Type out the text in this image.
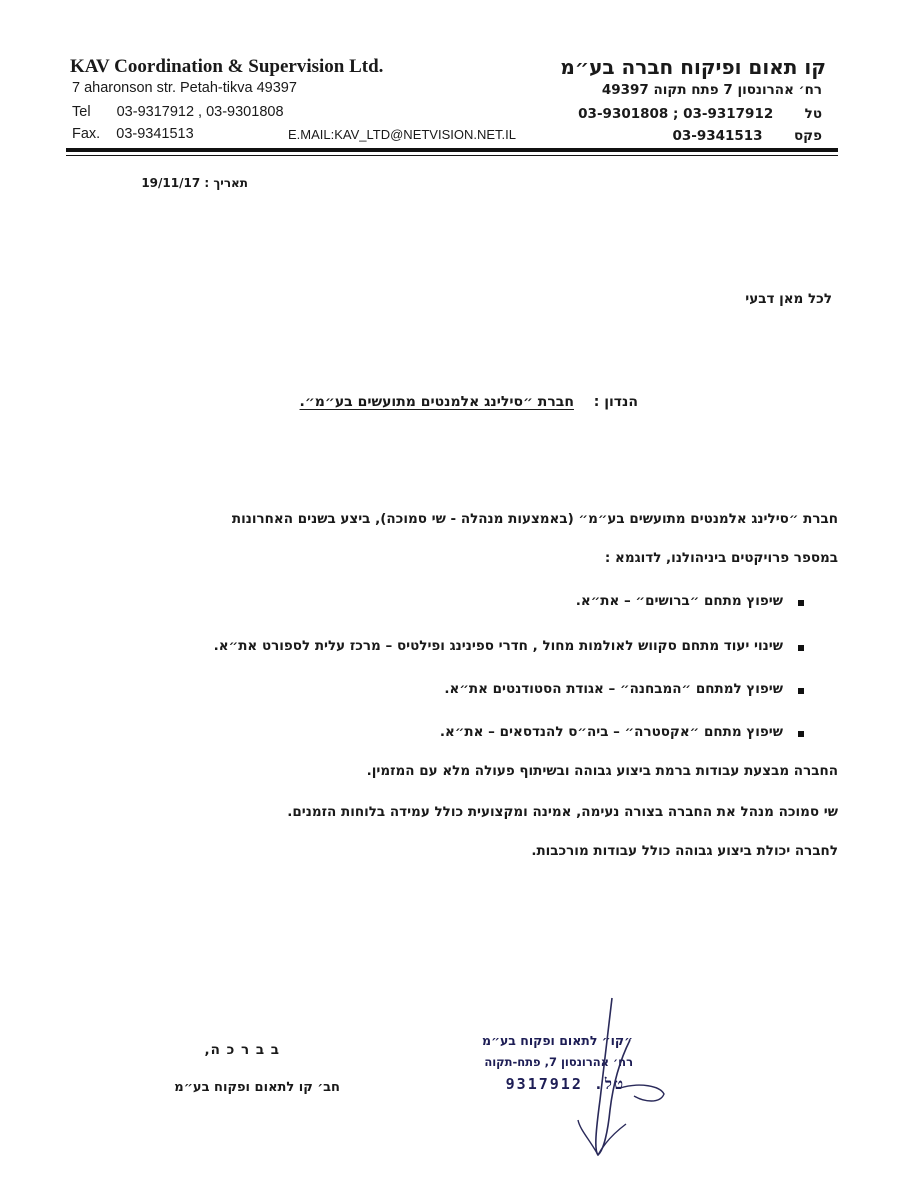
KAV Coordination & Supervision Ltd.
7 aharonson str. Petah-tikva 49397
Tel 03-9317912 , 03-9301808
Fax. 03-9341513	E.MAIL:KAV_LTD@NETVISION.NET.IL
קו תאום ופיקוח חברה בע״מ
רח׳ אהרונסון 7 פתח תקוה 49397
טל  03-9301808 ; 03-9317912
פקס  03-9341513
תאריך : 19/11/17
לכל מאן דבעי
הנדון :  חברת ״סילינג אלמנטים מתועשים בע״מ״.
חברת ״סילינג אלמנטים מתועשים בע״מ״ (באמצעות מנהלה - שי סמוכה), ביצע בשנים האחרונות
במספר פרויקטים ביניהולנו, לדוגמא :
שיפוץ מתחם ״ברושים״ – את״א.
שינוי יעוד מתחם סקווש לאולמות מחול , חדרי ספינינג ופילטיס – מרכז עלית לספורט את״א.
שיפוץ למתחם ״המבחנה״ – אגודת הסטודנטים את״א.
שיפוץ מתחם ״אקסטרה״ – ביה״ס להנדסאים – את״א.
החברה מבצעת עבודות ברמת ביצוע גבוהה ובשיתוף פעולה מלא עם המזמין.
שי סמוכה מנהל את החברה בצורה נעימה, אמינה ומקצועית כולל עמידה בלוחות הזמנים.
לחברה יכולת ביצוע גבוהה כולל עבודות מורכבות.
ב ב ר כ ה,
חב׳ קו לתאום ופקוח בע״מ
״קו״ לתאום ופקוח בע״מ
רח׳ אהרונסון 7, פתח-תקוה
טל. 9317912
